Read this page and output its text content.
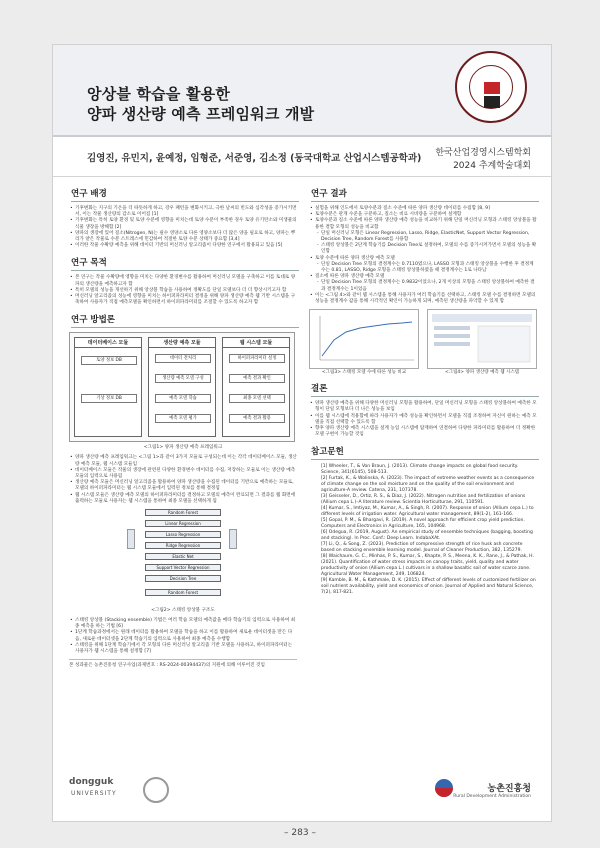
앙상블 학습을 활용한
양파 생산량 예측 프레임워크 개발
김영진, 유민지, 윤예정, 임형준, 서준영, 김소정 (동국대학교 산업시스템공학과) 한국산업경영시스템학회
2024 추계학술대회
연구 배경
• 기후변화는 지구의 기온을 더 따뜻하게 하고, 강우 패턴을 변화시키고, 극한 날씨의 빈도와 심각성을 증가시키면서, 이는 작물 생산량의 감소로 이어짐 [1]
• 기후변화는 특히 토양 환경 및 토양 수분에 영향을 미치는데 토양 수분이 부족한 경우 토양 유기탄소와 미생물의 식물 생장을 방해함 [2]
• 양파의 생장에 있어 질소(Nitrogen, N)는 필수 영양소로 다른 영양소보다 더 많은 양을 필요로 하고, 양파는 뿌리가 얕은 작물로 수분 스트레스에 민감하여 적절한 토양 수분 상태가 중요함 [3,4]
• 이러한 작물 수확량 예측을 위해 데이터 기반의 머신러닝 알고리즘이 다양한 연구에서 활용되고 있음 [5]
연구 목적
• 본 연구는 작물 수확량에 영향을 미치는 다양한 환경변수를 활용하여 머신러닝 모델을 구축하고 이를 토대로 양파의 생산량을 예측하고자 함
• 특히 모델의 성능을 개선하기 위해 앙상블 학습을 사용하여 정확도를 단일 모델보다 더 더 향상시키고자 함
• 머신러닝 알고리즘의 성능에 영향을 미치는 하이퍼파라미터 결정을 위해 양파 생산량 예측 웹 기반 시스템을 구축하여 사용자가 직접 예측모델을 확인하면서 하이퍼파라미터를 조절할 수 있도록 하고자 함
연구 방법론
데이터베이스 모듈
토양 정보 DB
기상 정보 DB
생산량 예측 모듈
데이터 전처리
생산량 예측 모델 구성
예측 모델 학습
예측 모델 평가
웹 시스템 모듈
하이퍼파라미터 설정
예측 결과 확인
최종 모델 선택
예측 결과 활용
<그림1> 양파 생산량 예측 프레임워크
• 양파 생산량 예측 프레임워크는 <그림 1>과 같이 3가지 모듈로 구성되는데 이는 각각 데이터베이스 모듈, 생산량 예측 모듈, 웹 시스템 모듈임
• 데이터베이스 모듈은 작물의 생장에 관련된 다양한 환경변수 데이터를 수집, 저장하는 모듈로 이는 생산량 예측 모듈의 입력으로 사용됨
• 생산량 예측 모듈은 머신러닝 알고리즘을 활용하여 양파 생산량을 수집된 데이터를 기반으로 예측하는 모듈로, 모델의 하이퍼파라미터는 웹 시스템 모듈에서 입력된 정보를 통해 결정됨
• 웹 시스템 모듈은 생산량 예측 모델의 하이퍼파라미터를 결정하고 모델의 예측이 완료되면 그 결과를 웹 화면에 출력하는 모듈로 사용자는 웹 시스템을 통하여 최종 모델을 선택하게 됨
Random Forest
Linear Regression
Lasso Regression
Ridge Regression
Elastic Net
Support Vector Regression
Decision Tree
Random Forest
<그림2> 스태킹 앙상블 구조도
• 스태킹 앙상블 (Stacking ensemble) 기법은 여러 학습 모델의 예측값을 메타 학습기의 입력으로 사용하여 최종 예측을 하는 기법 [6]
• 1단계 학습과정에서는 원래 데이터를 활용하여 모델을 학습을 하고 이를 활용하여 새로운 데이터셋을 만든 다음, 새로운 데이터셋을 2단계 학습기의 입력으로 사용하여 최종 예측을 수행함
• 스태킹을 위해 1단계 학습기에서 각 모형의 다른 머신러닝 알고리즘 기반 모델을 사용하고, 하이퍼파라미터는 사용자가 웹 시스템을 통해 설정함 [7]
본 성과물은 농촌진흥청 연구사업(과제번호 : RS-2024-00394437)의 지원에 의해 이루어진 것임
연구 결과
• 실험을 위해 인도에서 토양수분과 질소 수준에 따른 양파 생산량 데이터를 수집함 [8, 9]
• 토양수분은 관개 수준을 구분하고, 질소는 비료 시비량을 구분하여 설계함
• 토양수분과 질소 수준에 따른 양파 생산량 예측 성능을 비교하기 위해 단일 머신러닝 모형과 스태킹 앙상블을 활용한 결합 모형의 성능을 비교함
- 단일 머신러닝 모형은 Linear Regression, Lasso, Ridge, ElasticNet, Support Vector Regression, Decision Tree, Random Forest를 사용함
- 스태킹 앙상블은 2단계 학습기를 Decision Tree로 설정하여, 모델의 수를 증가시켜가면서 모델의 성능을 확인함
• 토양 수분에 따른 양파 생산량 예측 모델
- 단일 Decision Tree 모형의 결정계수는 0.7110였으나, LASSO 모형과 스태킹 앙상블을 수행한 후 결정계수는 0.81, LASSO, Ridge 모형을 스태킹 앙상블하였을 때 결정계수는 1로 나타남
• 질소에 따른 양파 생산량 예측 모델
- 단일 Decision Tree 모형의 결정계수는 0.9832이었으나, 2개 이상의 모형을 스태킹 앙상블하여 예측한 결과 결정계수는 1이었음
• 이는 <그림 4>와 같이 웹 시스템을 통해 사용자가 여러 학습기를 선택하고, 스태킹 모델 수를 결정하면 모델의 성능을 결정계수 값을 통해 시각적인 확인이 가능하게 되며, 예측된 생산량을 파악할 수 있게 함
<그림3> 스태킹 모델 수에 따른 성능 비교	<그림4> 양파 생산량 예측 웹 시스템
결론
• 양파 생산량 예측을 위해 다양한 머신러닝 모형을 활용하여, 단일 머신러닝 모형을 스태킹 앙상블하여 예측한 모형이 단일 모형보다 더 나은 성능을 보임
• 이를 웹 시스템에 적용함에 따라 사용자가 예측 성능을 확인하면서 모델을 직접 조정하여 자신이 원하는 예측 모델을 직접 선택할 수 있도록 함
• 향후 양파 생산량 예측 시스템을 설계 농업 시스템에 탑재하여 연결하여 다양한 파라미터를 활용하여 더 정확한 모델 구현이 가능할 것임
참고문헌
[1] Wheeler, T., & Von Braun, J. (2013). Climate change impacts on global food security. Science, 341(6145), 508-513.
[2] Furtak, K., & Wolinska, A. (2023). The impact of extreme weather events as a consequence of climate change on the soil moisture and on the quality of the soil environment and agriculture-A review. Catena, 231, 107378.
[3] Geisseler, D., Ortiz, R. S., & Diaz, J. (2022). Nitrogen nutrition and fertilization of onions (Allium cepa L.)–A literature review. Scientia Horticulturae, 291, 110591.
[4] Kumar, S., Imtiyaz, M., Kumar, A., & Singh, R. (2007). Response of onion (Allium cepa L.) to different levels of irrigation water. Agricultural water management, 89(1-2), 161-166.
[5] Gopal, P. M., & Bhargavi, R. (2019). A novel approach for efficient crop yield prediction. Computers and Electronics in Agriculture, 165, 104968.
[6] Odegua, R. (2019, August). An empirical study of ensemble techniques (bagging, boosting and stacking). In Proc. Conf.: Deep Learn. IndabaXAt.
[7] Li, Q., & Song, Z. (2023). Prediction of compressive strength of rice husk ash concrete based on stacking ensemble learning model. Journal of Cleaner Production, 382, 135279.
[8] Waichaure, G. C., Minhas, P. S., Kumar, S., Khapte, P. S., Meena, K. K., Rane, J., & Pathak, H. (2021). Quantification of water stress impacts on canopy traits, yield, quality and water productivity of onion (Allium cepa L.) cultivars in a shallow basaltic soil of water scarce zone. Agricultural Water Management, 249, 106824.
[9] Kamble, B. M., & Kathmale, D. K. (2015). Effect of different levels of customized fertilizer on soil nutrient availability, yield and economics of onion. Journal of Applied and Natural Science, 7(2), 817-821.
dongguk
UNIVERSITY	농촌진흥청
Rural Development Administration
– 283 –
